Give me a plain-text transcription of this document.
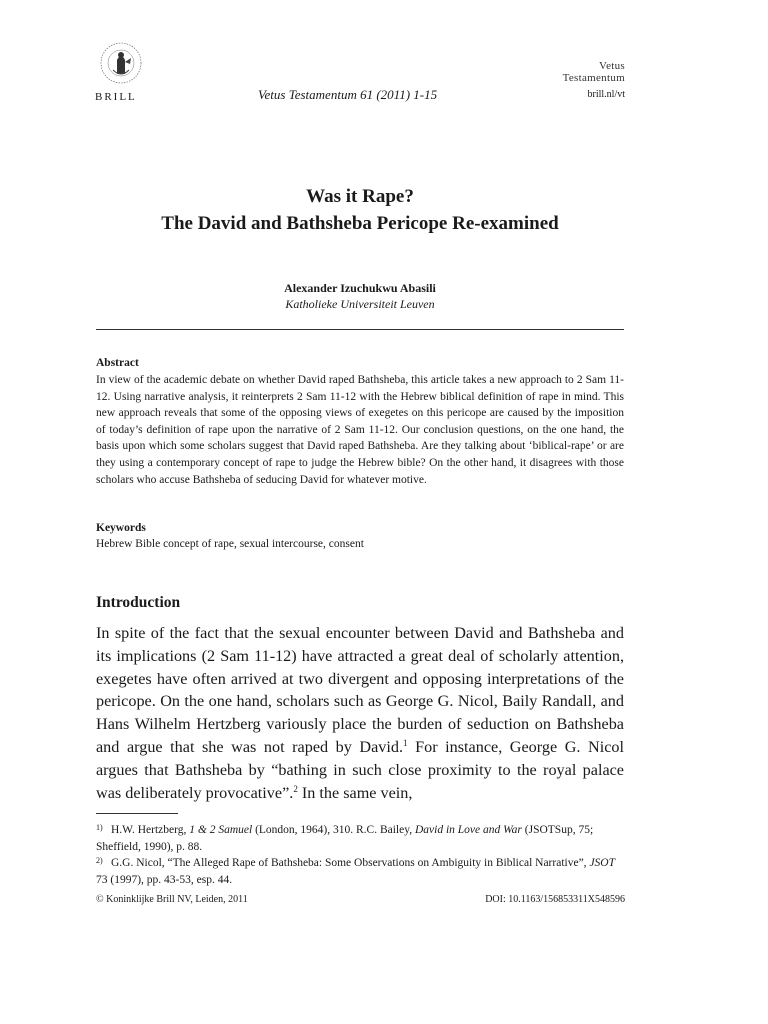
BRILL	Vetus Testamentum 61 (2011) 1-15
Vetus
Testamentum
brill.nl/vt
Was it Rape?
The David and Bathsheba Pericope Re-examined
Alexander Izuchukwu Abasili
Katholieke Universiteit Leuven
Abstract
In view of the academic debate on whether David raped Bathsheba, this article takes a new approach to 2 Sam 11-12. Using narrative analysis, it reinterprets 2 Sam 11-12 with the Hebrew biblical definition of rape in mind. This new approach reveals that some of the opposing views of exegetes on this pericope are caused by the imposition of today’s definition of rape upon the narrative of 2 Sam 11-12. Our conclusion questions, on the one hand, the basis upon which some scholars suggest that David raped Bathsheba. Are they talking about ‘biblical-rape’ or are they using a contemporary concept of rape to judge the Hebrew bible? On the other hand, it disagrees with those scholars who accuse Bathsheba of seducing David for whatever motive.
Keywords
Hebrew Bible concept of rape, sexual intercourse, consent
Introduction
In spite of the fact that the sexual encounter between David and Bathsheba and its implications (2 Sam 11-12) have attracted a great deal of scholarly attention, exegetes have often arrived at two divergent and opposing interpretations of the pericope. On the one hand, scholars such as George G. Nicol, Baily Randall, and Hans Wilhelm Hertzberg variously place the burden of seduction on Bathsheba and argue that she was not raped by David.$^1$ For instance, George G. Nicol argues that Bathsheba by “bathing in such close proximity to the royal palace was deliberately provocative”.$^2$ In the same vein,
1) H.W. Hertzberg, 1 & 2 Samuel (London, 1964), 310. R.C. Bailey, David in Love and War (JSOTSup, 75; Sheffield, 1990), p. 88.
2) G.G. Nicol, “The Alleged Rape of Bathsheba: Some Observations on Ambiguity in Biblical Narrative”, JSOT 73 (1997), pp. 43-53, esp. 44.
© Koninklijke Brill NV, Leiden, 2011	DOI: 10.1163/156853311X548596
